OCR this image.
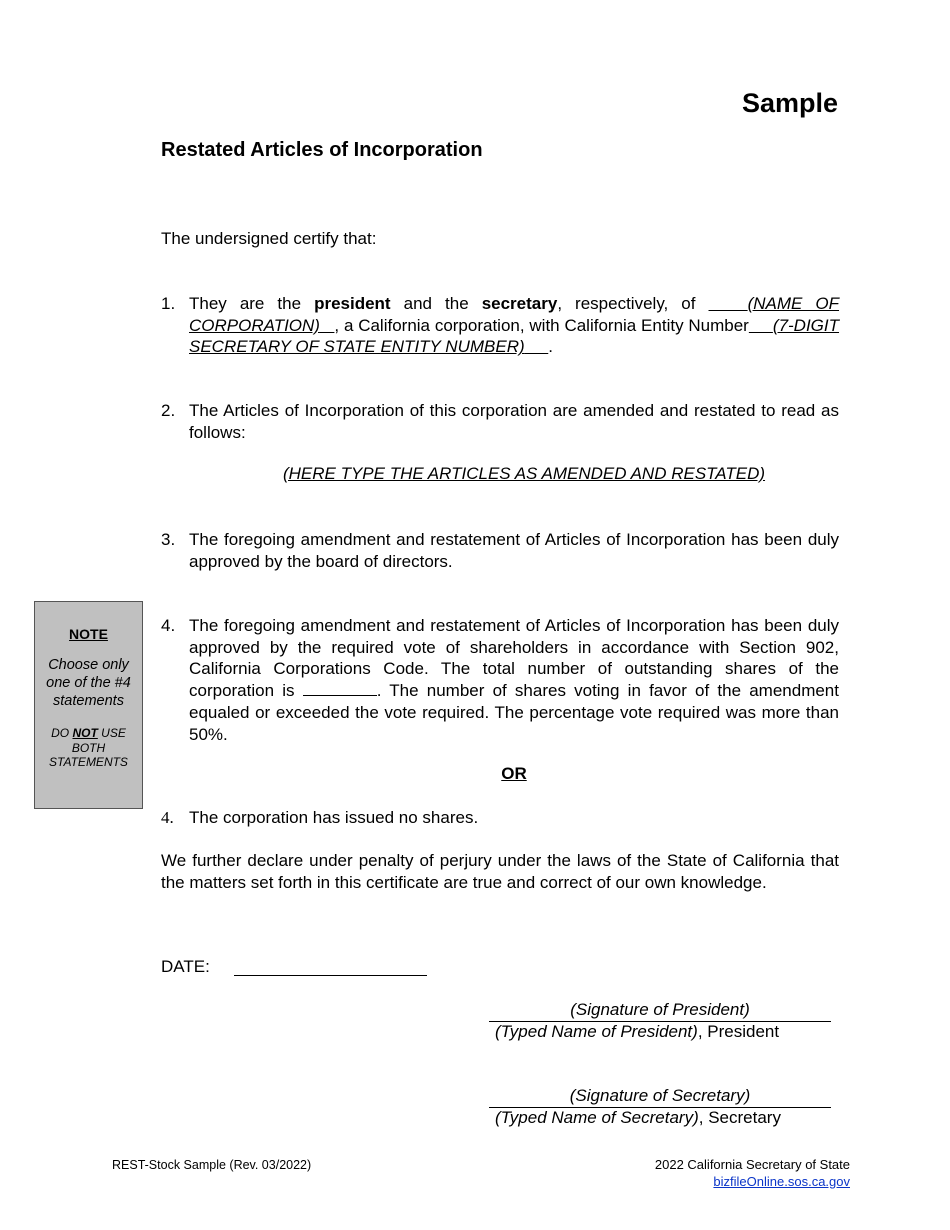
Sample
Restated Articles of Incorporation
The undersigned certify that:
1. They are the president and the secretary, respectively, of    (NAME OF CORPORATION) , a California corporation, with California Entity Number (7-DIGIT SECRETARY OF STATE ENTITY NUMBER) .
2. The Articles of Incorporation of this corporation are amended and restated to read as follows:
(HERE TYPE THE ARTICLES AS AMENDED AND RESTATED)
3. The foregoing amendment and restatement of Articles of Incorporation has been duly approved by the board of directors.
NOTE
Choose only one of the #4 statements
DO NOT USE BOTH STATEMENTS
4. The foregoing amendment and restatement of Articles of Incorporation has been duly approved by the required vote of shareholders in accordance with Section 902, California Corporations Code. The total number of outstanding shares of the corporation is	. The number of shares voting in favor of the amendment equaled or exceeded the vote required. The percentage vote required was more than 50%.
OR
4. The corporation has issued no shares.
We further declare under penalty of perjury under the laws of the State of California that the matters set forth in this certificate are true and correct of our own knowledge.
DATE:
(Signature of President)
(Typed Name of President), President
(Signature of Secretary)
(Typed Name of Secretary), Secretary
REST-Stock Sample (Rev. 03/2022)	2022 California Secretary of State
bizfileOnline.sos.ca.gov
